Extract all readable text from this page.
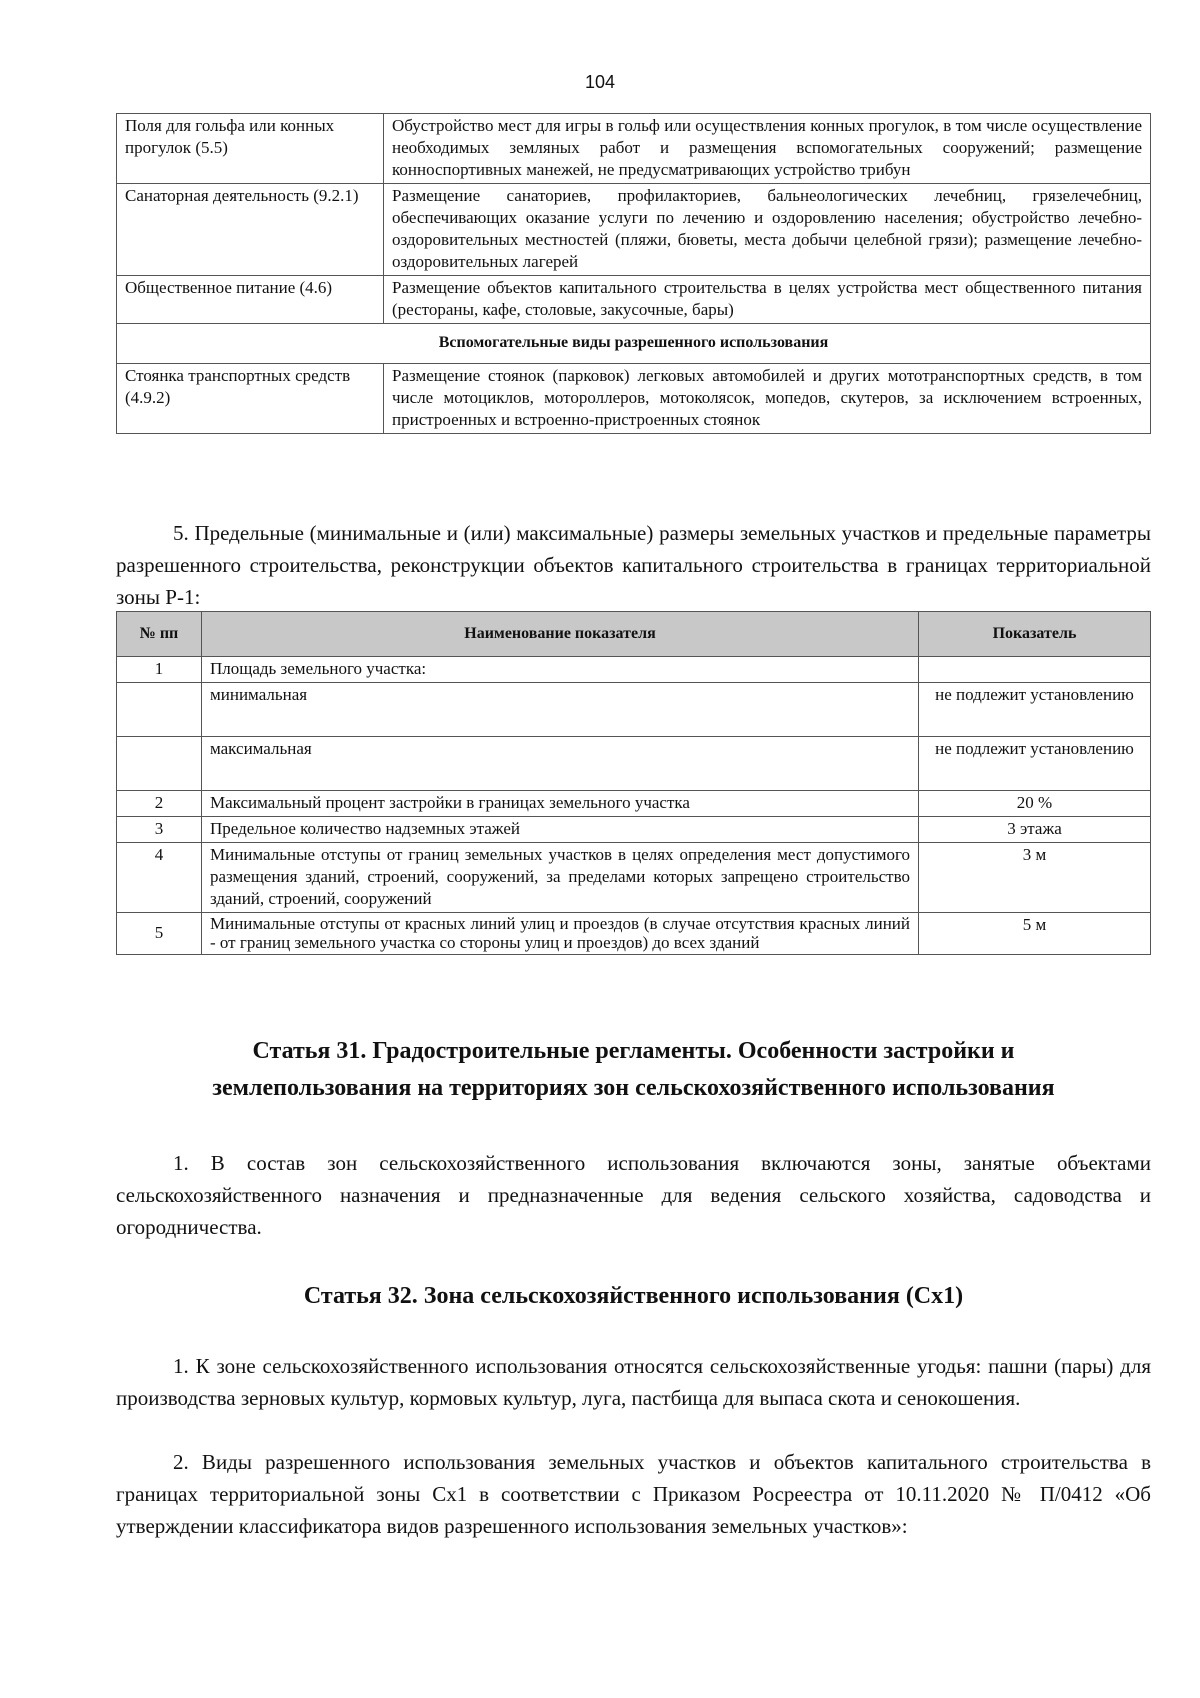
104
Поля для гольфа или конных прогулок (5.5)	Обустройство мест для игры в гольф или осуществления конных прогулок, в том числе осуществление необходимых земляных работ и размещения вспомогательных сооружений; размещение конноспортивных манежей, не предусматривающих устройство трибун
Санаторная деятельность (9.2.1)	Размещение санаториев, профилакториев, бальнеологических лечебниц, грязелечебниц, обеспечивающих оказание услуги по лечению и оздоровлению населения; обустройство лечебно-оздоровительных местностей (пляжи, бюветы, места добычи целебной грязи); размещение лечебно-оздоровительных лагерей
Общественное питание (4.6)	Размещение объектов капитального строительства в целях устройства мест общественного питания (рестораны, кафе, столовые, закусочные, бары)
Вспомогательные виды разрешенного использования	
Стоянка транспортных средств (4.9.2)	Размещение стоянок (парковок) легковых автомобилей и других мототранспортных средств, в том числе мотоциклов, мотороллеров, мотоколясок, мопедов, скутеров, за исключением встроенных, пристроенных и встроенно-пристроенных стоянок

5. Предельные (минимальные и (или) максимальные) размеры земельных участков и предельные параметры разрешенного строительства, реконструкции объектов капитального строительства в границах территориальной зоны Р-1:

№ пп	Наименование показателя	Показатель
1	Площадь земельного участка:	
	минимальная	не подлежит установлению
	максимальная	не подлежит установлению
2	Максимальный процент застройки в границах земельного участка	20 %
3	Предельное количество надземных этажей	3 этажа
4	Минимальные отступы от границ земельных участков в целях определения мест допустимого размещения зданий, строений, сооружений, за пределами которых запрещено строительство зданий, строений, сооружений	3 м
5	Минимальные отступы от красных линий улиц и проездов (в случае отсутствия красных линий - от границ земельного участка со стороны улиц и проездов) до всех зданий	5 м
Статья 31. Градостроительные регламенты. Особенности застройки и
землепользования на территориях зон сельскохозяйственного использования

1. В состав зон сельскохозяйственного использования включаются зоны, занятые объектами сельскохозяйственного назначения и предназначенные для ведения сельского хозяйства, садоводства и огородничества.

Статья 32. Зона сельскохозяйственного использования (Сх1)

1. К зоне сельскохозяйственного использования относятся сельскохозяйственные угодья: пашни (пары) для производства зерновых культур, кормовых культур, луга, пастбища для выпаса скота и сенокошения.

2. Виды разрешенного использования земельных участков и объектов капитального строительства в границах территориальной зоны Сх1 в соответствии с Приказом Росреестра от 10.11.2020 № П/0412 «Об утверждении классификатора видов разрешенного использования земельных участков»:
